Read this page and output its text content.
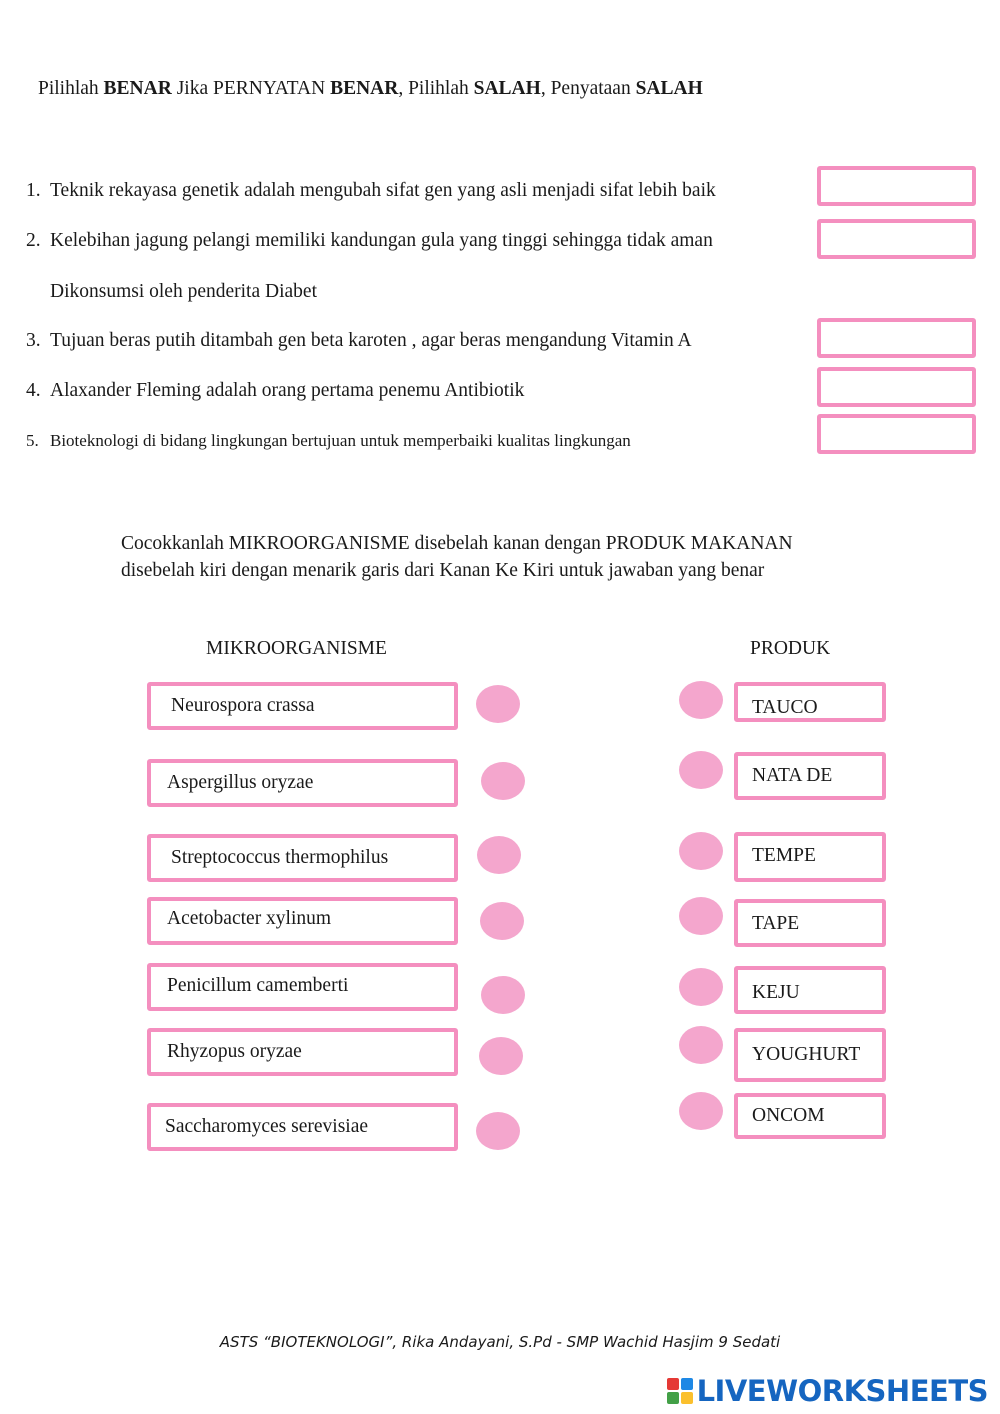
Pilihlah BENAR Jika PERNYATAN BENAR, Pilihlah SALAH, Penyataan SALAH
1. Teknik rekayasa genetik adalah mengubah sifat gen yang asli menjadi sifat lebih baik
2. Kelebihan jagung pelangi memiliki kandungan gula yang tinggi sehingga tidak aman
Dikonsumsi oleh penderita Diabet
3. Tujuan beras putih ditambah gen beta karoten , agar beras mengandung Vitamin A
4. Alaxander Fleming adalah orang pertama penemu Antibiotik
5. Bioteknologi di bidang lingkungan bertujuan untuk memperbaiki kualitas lingkungan
Cocokkanlah MIKROORGANISME disebelah kanan dengan PRODUK MAKANAN
disebelah kiri dengan menarik garis dari Kanan Ke Kiri untuk jawaban yang benar
MIKROORGANISME	PRODUK
Neurospora crassa
Aspergillus oryzae
Streptococcus thermophilus
Acetobacter xylinum
Penicillum camemberti
Rhyzopus oryzae
Saccharomyces serevisiae
TAUCO
NATA DE
TEMPE
TAPE
KEJU
YOUGHURT
ONCOM
ASTS “BIOTEKNOLOGI”, Rika Andayani, S.Pd - SMP Wachid Hasjim 9 Sedati
LIVEWORKSHEETS
